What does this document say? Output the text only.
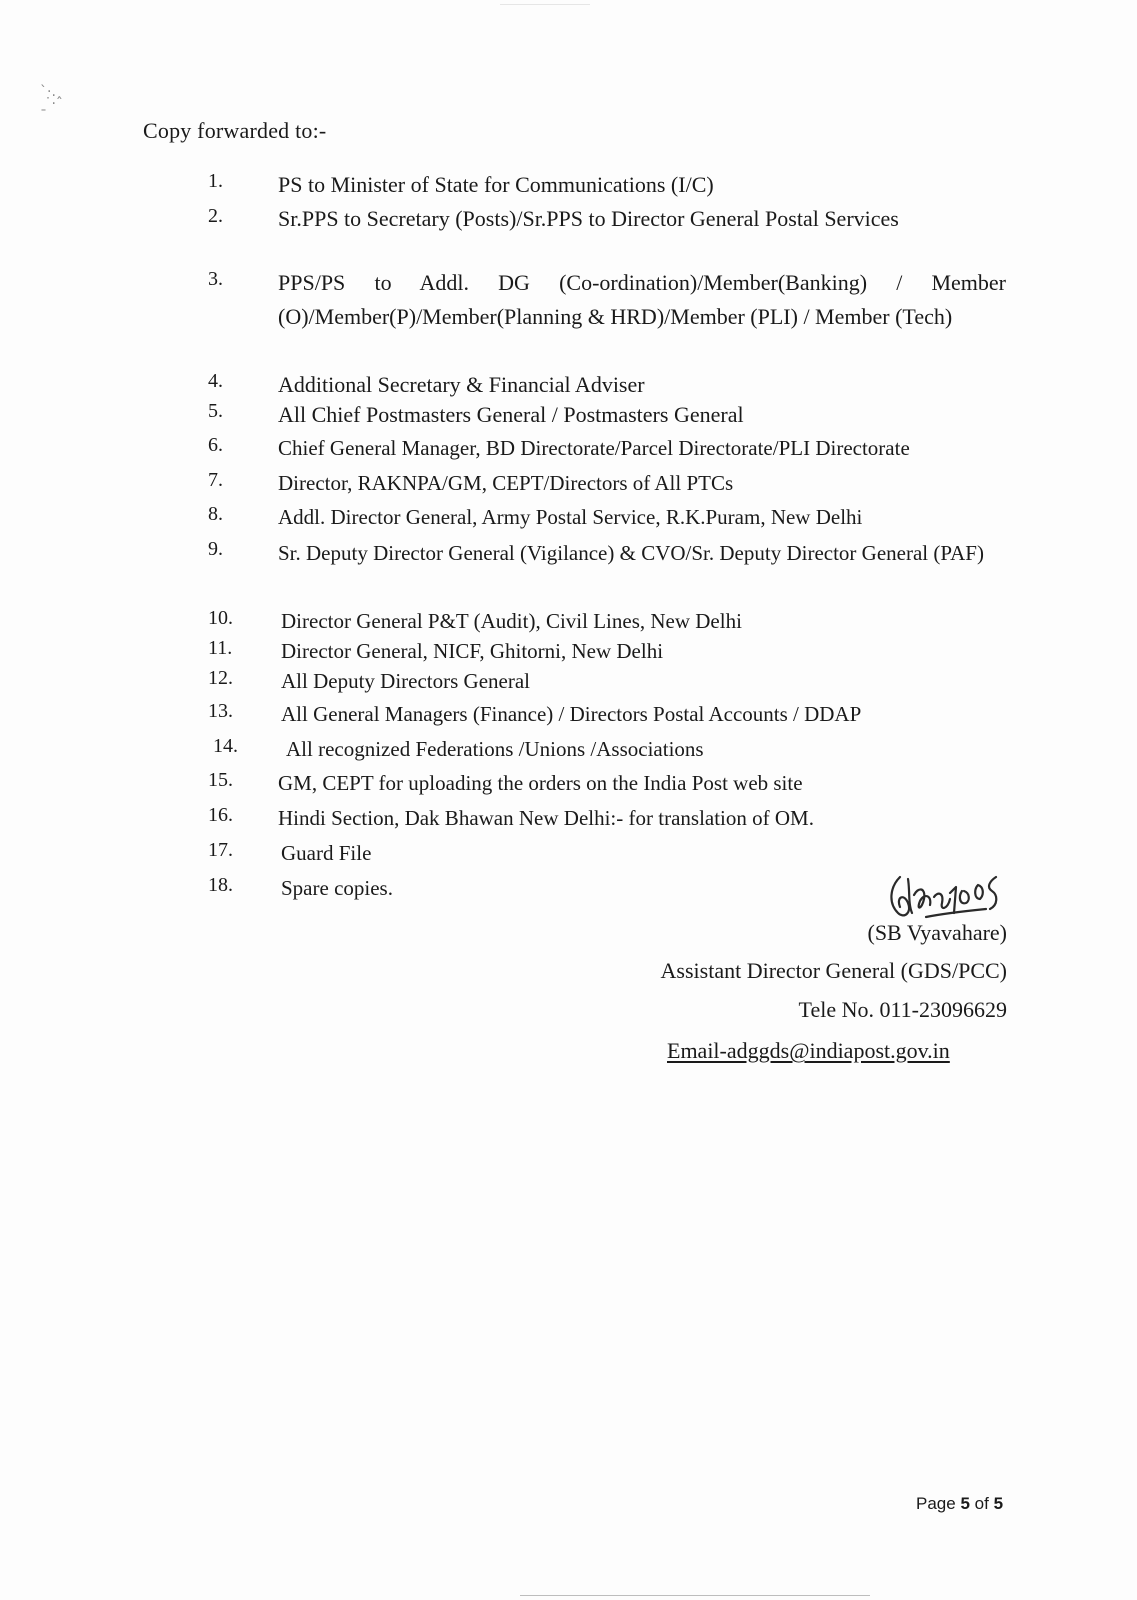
`·.
˙·ˆ
¯
Copy forwarded to:-
1.	PS to Minister of State for Communications (I/C)
2.	Sr.PPS to Secretary (Posts)/Sr.PPS to Director General Postal Services
3.	PPS/PS to Addl. DG (Co-ordination)/Member(Banking) / Member (O)/Member(P)/Member(Planning & HRD)/Member (PLI) / Member (Tech)
4.	Additional Secretary & Financial Adviser
5.	All Chief Postmasters General / Postmasters General
6.	Chief General Manager, BD Directorate/Parcel Directorate/PLI Directorate
7.	Director, RAKNPA/GM, CEPT/Directors of All PTCs
8.	Addl. Director General, Army Postal Service, R.K.Puram, New Delhi
9.	Sr. Deputy Director General (Vigilance) & CVO/Sr. Deputy Director General (PAF)
10.	Director General P&T (Audit), Civil Lines, New Delhi
11.	Director General, NICF, Ghitorni, New Delhi
12.	All Deputy Directors General
13.	All General Managers (Finance) / Directors Postal Accounts / DDAP
14.	All recognized Federations /Unions /Associations
15.	GM, CEPT for uploading the orders on the India Post web site
16.	Hindi Section, Dak Bhawan New Delhi:- for translation of OM.
17.	Guard File
18.	Spare copies.
(SB Vyavahare)
Assistant Director General (GDS/PCC)
Tele No. 011-23096629
Email-adggds@indiapost.gov.in
Page 5 of 5
